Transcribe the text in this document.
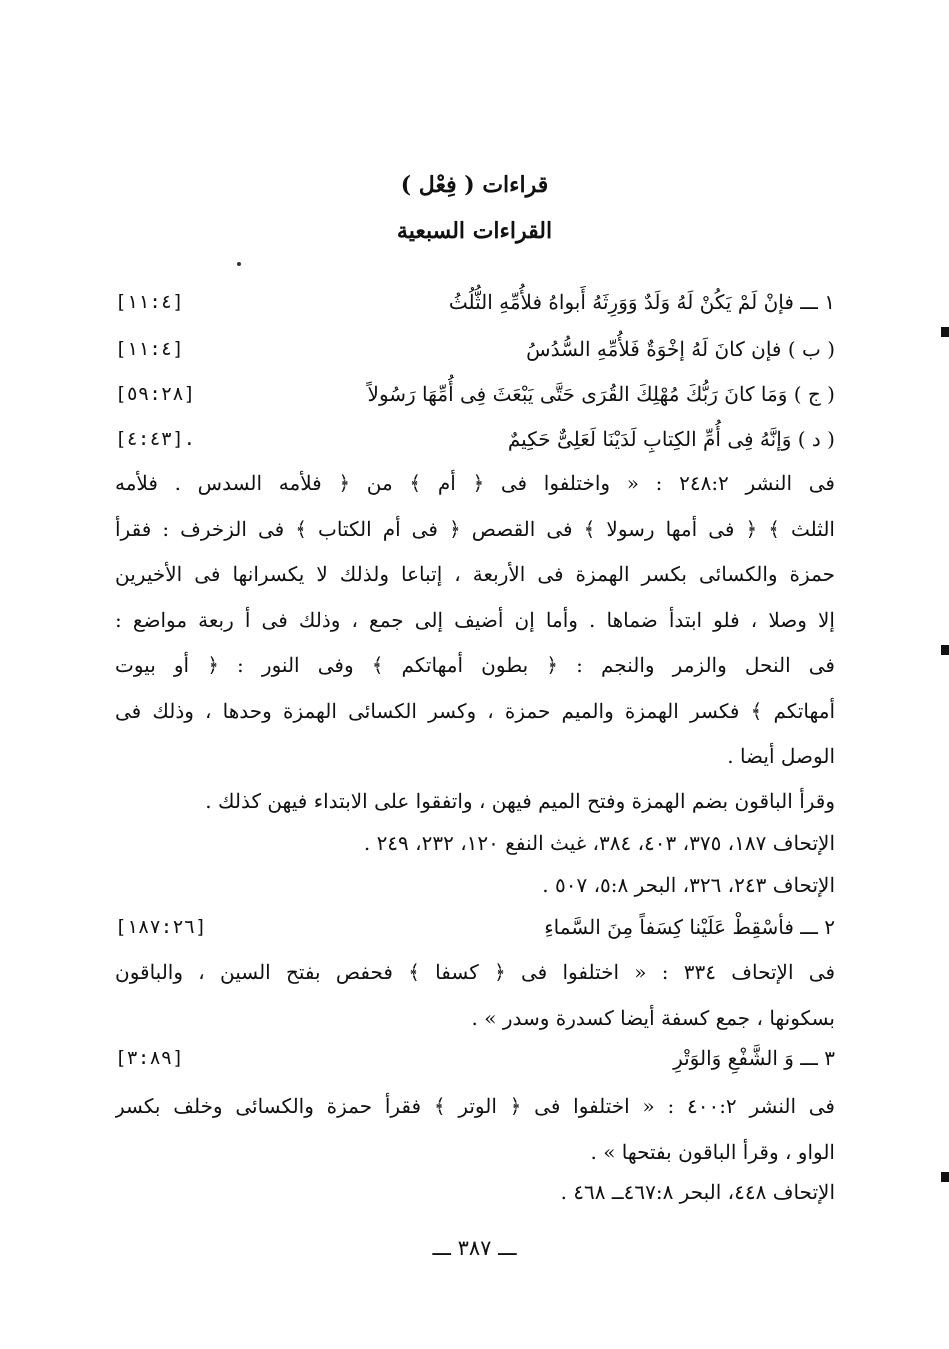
قراءات ( فِعْل )
القراءات السبعية
١ ـــ فإنْ لَمْ يَكُنْ لَهُ وَلَدٌ وَوَرِثَهُ أَبواهُ فلأُمِّهِ الثُّلُثُ
[١١:٤]
( ب ) فإن كانَ لَهُ إخْوَةٌ فَلأُمِّهِ السُّدُسُ
[١١:٤]
( ج ) وَمَا كانَ رَبُّكَ مُهْلِكَ القُرَى حَتَّى يَبْعَثَ فِى أُمِّهَا رَسُولاً
[٥٩:٢٨]
( د ) وَإنَّهُ فِى أُمِّ الكِتابِ لَدَيْنَا لَعَلِىٌّ حَكِيمٌ
[٤:٤٣].
فى النشر ٢٤٨:٢ : « واختلفوا فى ﴿ أم ﴾ من ﴿ فلأمه السدس . فلأمه
الثلث ﴾ ﴿ فى أمها رسولا ﴾ فى القصص ﴿ فى أم الكتاب ﴾ فى الزخرف : فقرأ
حمزة والكسائى بكسر الهمزة فى الأربعة ، إتباعا ولذلك لا يكسرانها فى الأخيرين
إلا وصلا ، فلو ابتدأ ضماها . وأما إن أضيف إلى جمع ، وذلك فى أ ربعة مواضع :
فى النحل والزمر والنجم : ﴿ بطون أمهاتكم ﴾ وفى النور : ﴿ أو بيوت
أمهاتكم ﴾ فكسر الهمزة والميم حمزة ، وكسر الكسائى الهمزة وحدها ، وذلك فى
الوصل أيضا .
وقرأ الباقون بضم الهمزة وفتح الميم فيهن ، واتفقوا على الابتداء فيهن كذلك .
الإتحاف ١٨٧، ٣٧٥، ٤٠٣، ٣٨٤، غيث النفع ١٢٠، ٢٣٢، ٢٤٩ .
الإتحاف ٢٤٣، ٣٢٦، البحر ٥:٨، ٥٠٧ .
٢ ـــ فأسْقِطْ عَلَيْنا كِسَفاً مِنَ السَّماءِ
[١٨٧:٢٦]
فى الإتحاف ٣٣٤ : « اختلفوا فى ﴿ كسفا ﴾ فحفص بفتح السين ، والباقون
بسكونها ، جمع كسفة أيضا كسدرة وسدر » .
٣ ـــ وَ الشَّفْعِ وَالوَتْرِ
[٣:٨٩]
فى النشر ٤٠٠:٢ : « اختلفوا فى ﴿ الوتر ﴾ فقرأ حمزة والكسائى وخلف بكسر
الواو ، وقرأ الباقون بفتحها » .
الإتحاف ٤٤٨، البحر ٤٦٧:٨ــ ٤٦٨ .
ـــ ٣٨٧ ـــ
